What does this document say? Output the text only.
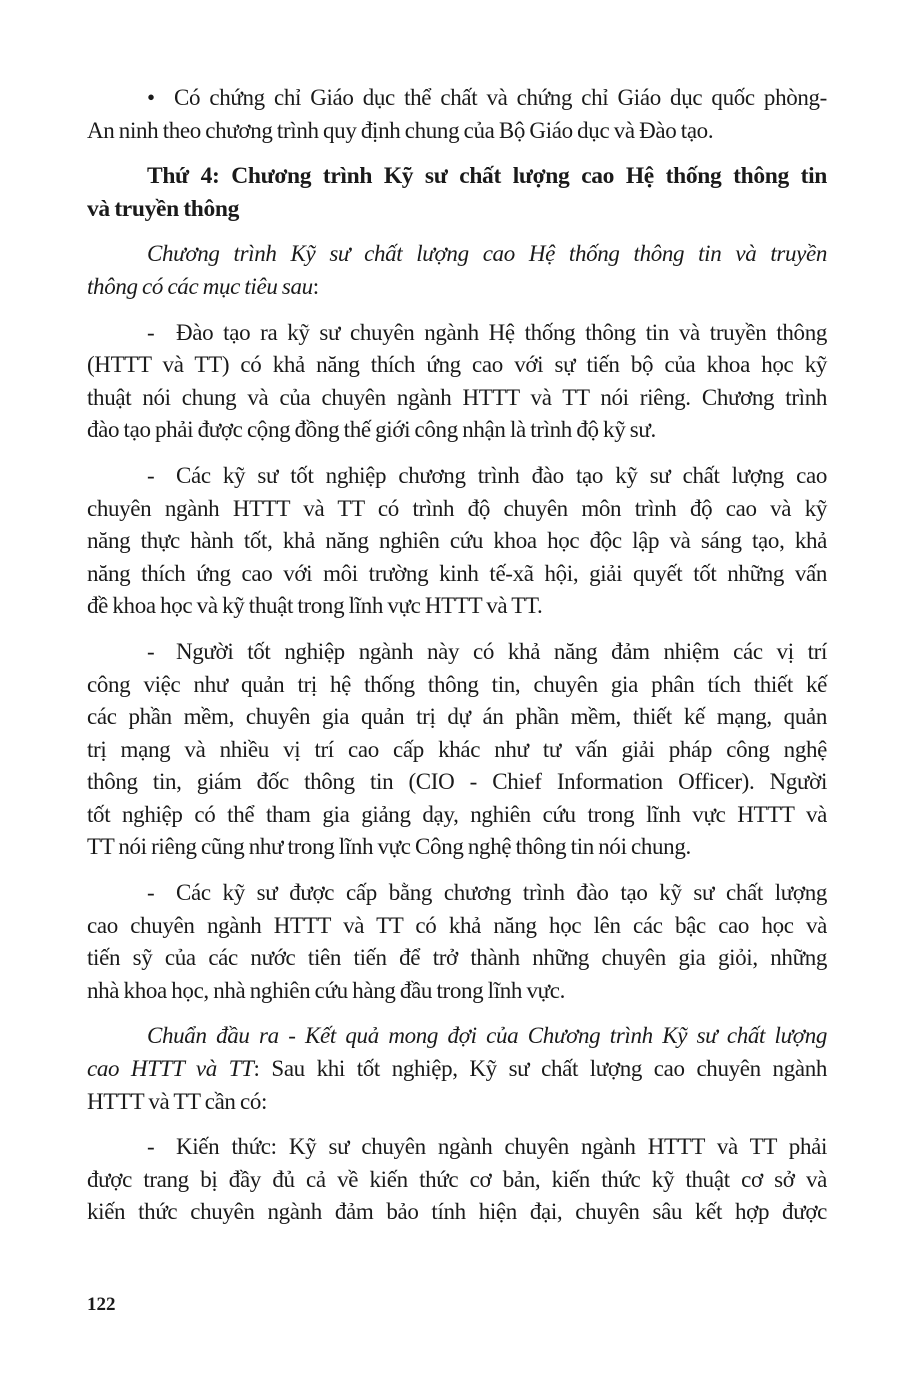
• Có chứng chỉ Giáo dục thể chất và chứng chỉ Giáo dục quốc phòng-
An ninh theo chương trình quy định chung của Bộ Giáo dục và Đào tạo.
Thứ 4: Chương trình Kỹ sư chất lượng cao Hệ thống thông tin
và truyền thông
Chương trình Kỹ sư chất lượng cao Hệ thống thông tin và truyền
thông có các mục tiêu sau:
- Đào tạo ra kỹ sư chuyên ngành Hệ thống thông tin và truyền thông
(HTTT và TT) có khả năng thích ứng cao với sự tiến bộ của khoa học kỹ
thuật nói chung và của chuyên ngành HTTT và TT nói riêng. Chương trình
đào tạo phải được cộng đồng thế giới công nhận là trình độ kỹ sư.
- Các kỹ sư tốt nghiệp chương trình đào tạo kỹ sư chất lượng cao
chuyên ngành HTTT và TT có trình độ chuyên môn trình độ cao và kỹ
năng thực hành tốt, khả năng nghiên cứu khoa học độc lập và sáng tạo, khả
năng thích ứng cao với môi trường kinh tế-xã hội, giải quyết tốt những vấn
đề khoa học và kỹ thuật trong lĩnh vực HTTT và TT.
- Người tốt nghiệp ngành này có khả năng đảm nhiệm các vị trí
công việc như quản trị hệ thống thông tin, chuyên gia phân tích thiết kế
các phần mềm, chuyên gia quản trị dự án phần mềm, thiết kế mạng, quản
trị mạng và nhiều vị trí cao cấp khác như tư vấn giải pháp công nghệ
thông tin, giám đốc thông tin (CIO - Chief Information Officer). Người
tốt nghiệp có thể tham gia giảng dạy, nghiên cứu trong lĩnh vực HTTT và
TT nói riêng cũng như trong lĩnh vực Công nghệ thông tin nói chung.
- Các kỹ sư được cấp bằng chương trình đào tạo kỹ sư chất lượng
cao chuyên ngành HTTT và TT có khả năng học lên các bậc cao học và
tiến sỹ của các nước tiên tiến để trở thành những chuyên gia giỏi, những
nhà khoa học, nhà nghiên cứu hàng đầu trong lĩnh vực.
Chuẩn đầu ra - Kết quả mong đợi của Chương trình Kỹ sư chất lượng
cao HTTT và TT: Sau khi tốt nghiệp, Kỹ sư chất lượng cao chuyên ngành
HTTT và TT cần có:
- Kiến thức: Kỹ sư chuyên ngành chuyên ngành HTTT và TT phải
được trang bị đầy đủ cả về kiến thức cơ bản, kiến thức kỹ thuật cơ sở và
kiến thức chuyên ngành đảm bảo tính hiện đại, chuyên sâu kết hợp được
122
